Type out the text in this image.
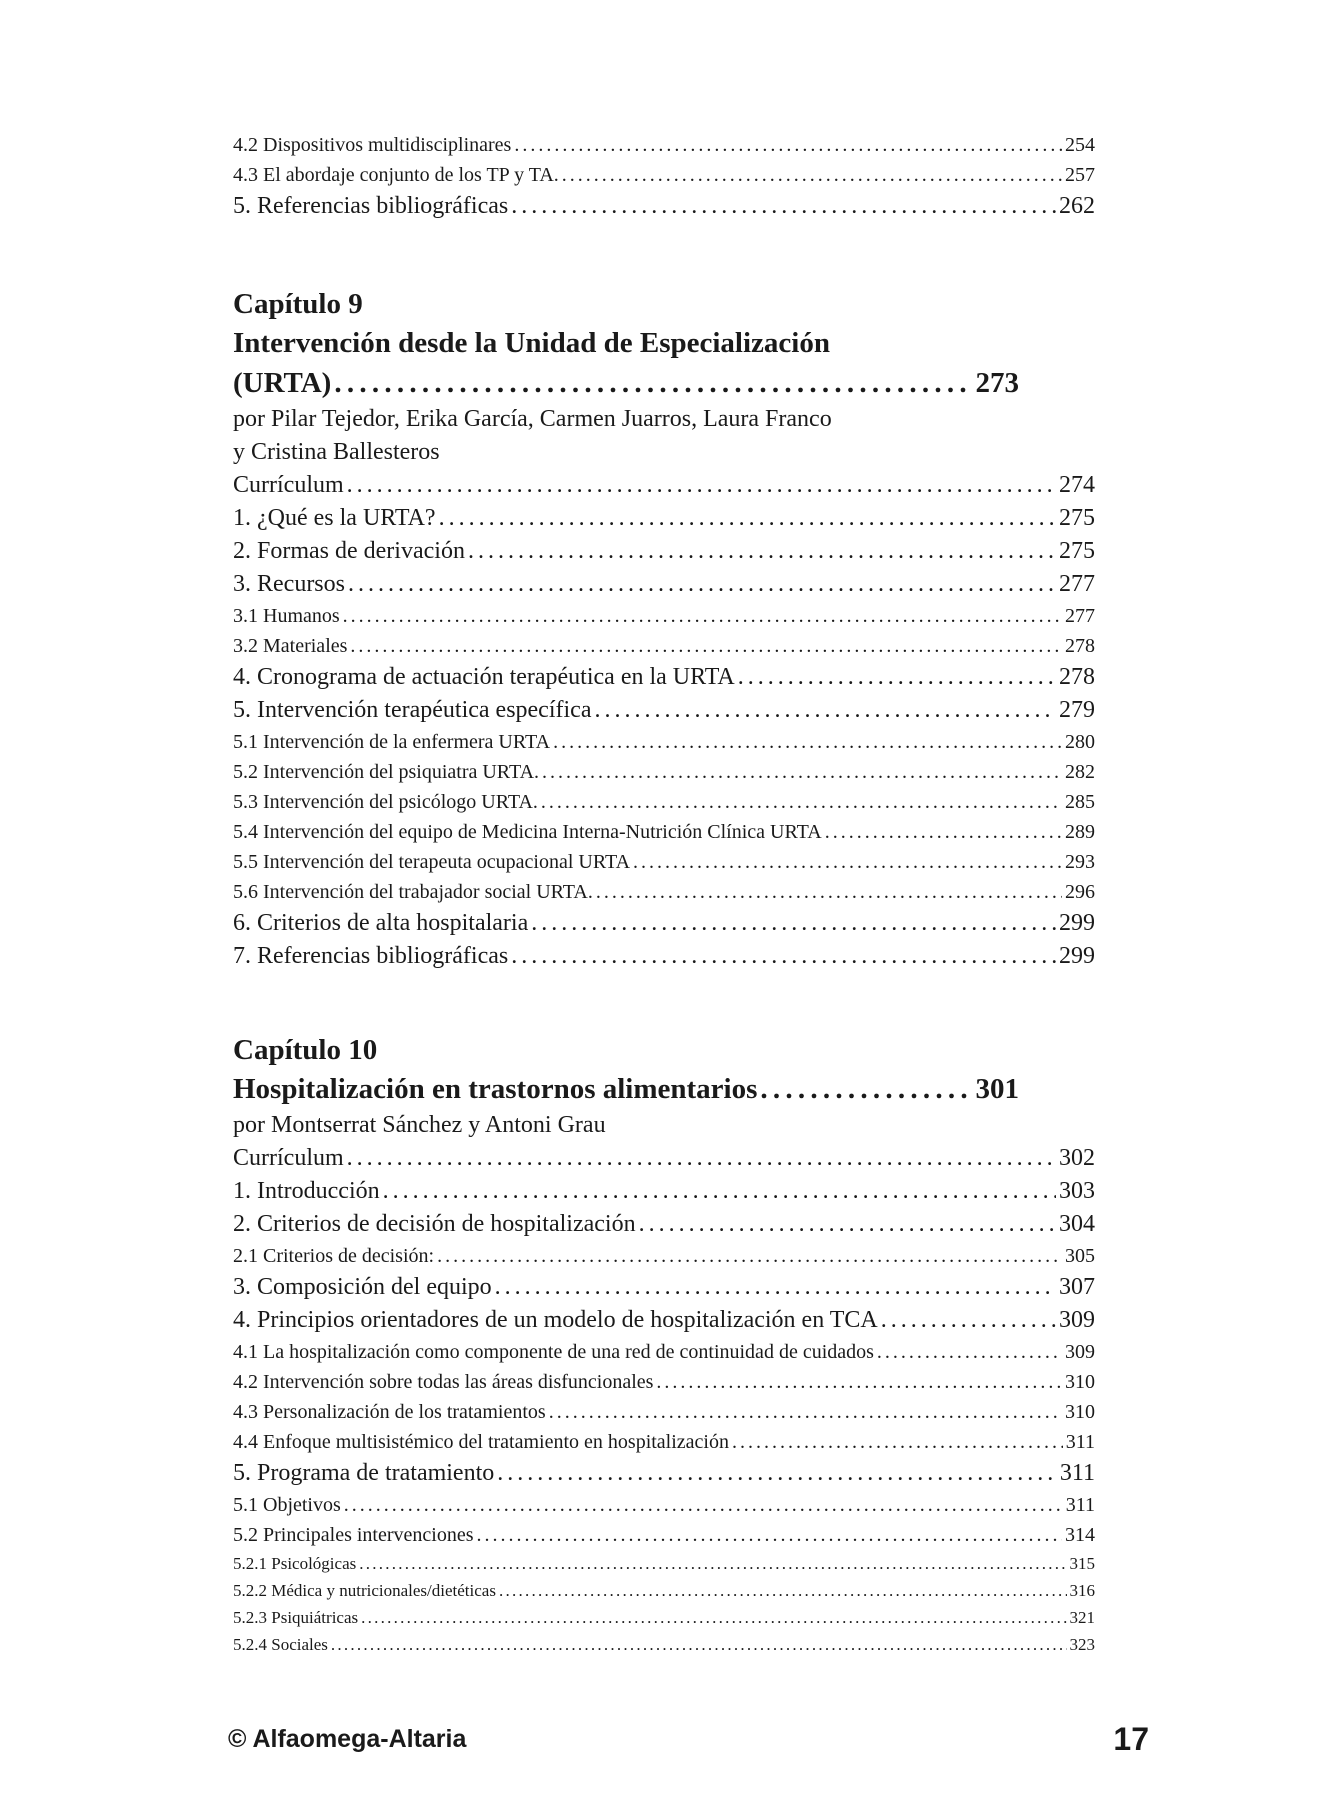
4.2 Dispositivos multidisciplinares . . .	254
4.3 El abordaje conjunto de los TP y TA. . . .	257
5. Referencias bibliográficas . . .	262
Capítulo 9
Intervención desde la Unidad de Especialización
(URTA) . . .	273
por Pilar Tejedor, Erika García, Carmen Juarros, Laura Franco
y Cristina Ballesteros
Currículum . . .	274
1. ¿Qué es la URTA? . . .	275
2. Formas de derivación . . .	275
3. Recursos . . .	277
3.1 Humanos . . .	277
3.2 Materiales . . .	278
4. Cronograma de actuación terapéutica en la URTA . . .	278
5. Intervención terapéutica específica . . .	279
5.1 Intervención de la enfermera URTA . . .	280
5.2 Intervención del psiquiatra URTA. . . .	282
5.3 Intervención del psicólogo URTA. . . .	285
5.4 Intervención del equipo de Medicina Interna-Nutrición Clínica URTA . . .	289
5.5 Intervención del terapeuta ocupacional URTA . . .	293
5.6 Intervención del trabajador social URTA. . . .	296
6. Criterios de alta hospitalaria . . .	299
7. Referencias bibliográficas . . .	299
Capítulo 10
Hospitalización en trastornos alimentarios . . .	301
por Montserrat Sánchez y Antoni Grau
Currículum . . .	302
1. Introducción . . .	303
2. Criterios de decisión de hospitalización . . .	304
2.1 Criterios de decisión: . . .	305
3. Composición del equipo . . .	307
4. Principios orientadores de un modelo de hospitalización en TCA . . .	309
4.1 La hospitalización como componente de una red de continuidad de cuidados . . .	309
4.2 Intervención sobre todas las áreas disfuncionales . . .	310
4.3 Personalización de los tratamientos . . .	310
4.4 Enfoque multisistémico del tratamiento en hospitalización . . .	311
5. Programa de tratamiento . . .	311
5.1 Objetivos . . .	311
5.2 Principales intervenciones . . .	314
5.2.1 Psicológicas . . .	315
5.2.2 Médica y nutricionales/dietéticas . . .	316
5.2.3 Psiquiátricas . . .	321
5.2.4 Sociales . . .	323
© Alfaomega-Altaria	17
